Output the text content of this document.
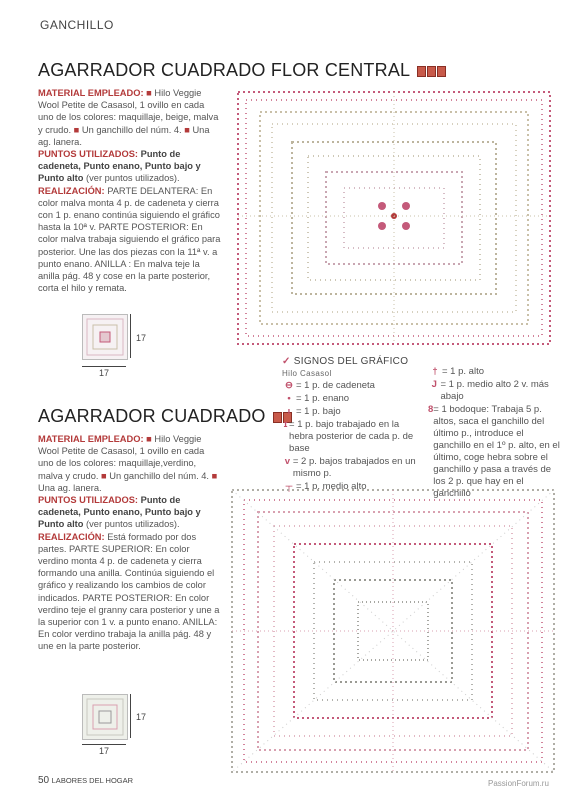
GANCHILLO
AGARRADOR CUADRADO FLOR CENTRAL

MATERIAL EMPLEADO: ■ Hilo Veggie Wool Petite de Casasol, 1 ovillo en cada uno de los colores: maquillaje, beige, malva y crudo. ■ Un ganchillo del núm. 4. ■ Una ag. lanera.

PUNTOS UTILIZADOS: Punto de cadeneta, Punto enano, Punto bajo y Punto alto (ver puntos utilizados).

REALIZACIÓN: PARTE DELANTERA: En color malva monta 4 p. de cadeneta y cierra con 1 p. enano continúa siguiendo el gráfico hasta la 10ª v. PARTE POSTERIOR: En color malva trabaja siguiendo el gráfico para posterior. Une las dos piezas con la 11ª v. a punto enano. ANILLA : En malva teje la anilla pág. 48 y cose en la parte posterior, corta el hilo y remata.

17
17
AGARRADOR CUADRADO

MATERIAL EMPLEADO: ■ Hilo Veggie Wool Petite de Casasol, 1 ovillo en cada uno de los colores: maquillaje,verdino, malva y crudo. ■ Un ganchillo del núm. 4. ■ Una ag. lanera.

PUNTOS UTILIZADOS: Punto de cadeneta, Punto enano, Punto bajo y Punto alto (ver puntos utilizados).

REALIZACIÓN: Está formado por dos partes. PARTE SUPERIOR: En color verdino monta 4 p. de cadeneta y cierra formando una anilla. Continúa siguiendo el gráfico y realizando los cambios de color indicados. PARTE POSTERIOR: En color verdino teje el granny cara posterior y une a la superior con 1 v. a punto enano. ANILLA: En color verdino trabaja la anilla pág. 48 y une en la parte posterior.

17
17
✓ SIGNOS DEL GRÁFICO
Hilo Casasol
⊖ = 1 p. de cadeneta
• = 1 p. enano
ı = 1 p. bajo
ɪ = 1 p. bajo trabajado en la hebra posterior de cada p. de base
v = 2 p. bajos trabajados en un mismo p.
┬ = 1 p. medio alto
† = 1 p. alto
J = 1 p. medio alto 2 v. más abajo
8 = 1 bodoque: Trabaja 5 p. altos, saca el ganchillo del último p., introduce el ganchillo en el 1º p. alto, en el último, coge hebra sobre el ganchillo y pasa a través de los 2 p. que hay en el ganchillo
50 LABORES DEL HOGAR	PassionForum.ru
